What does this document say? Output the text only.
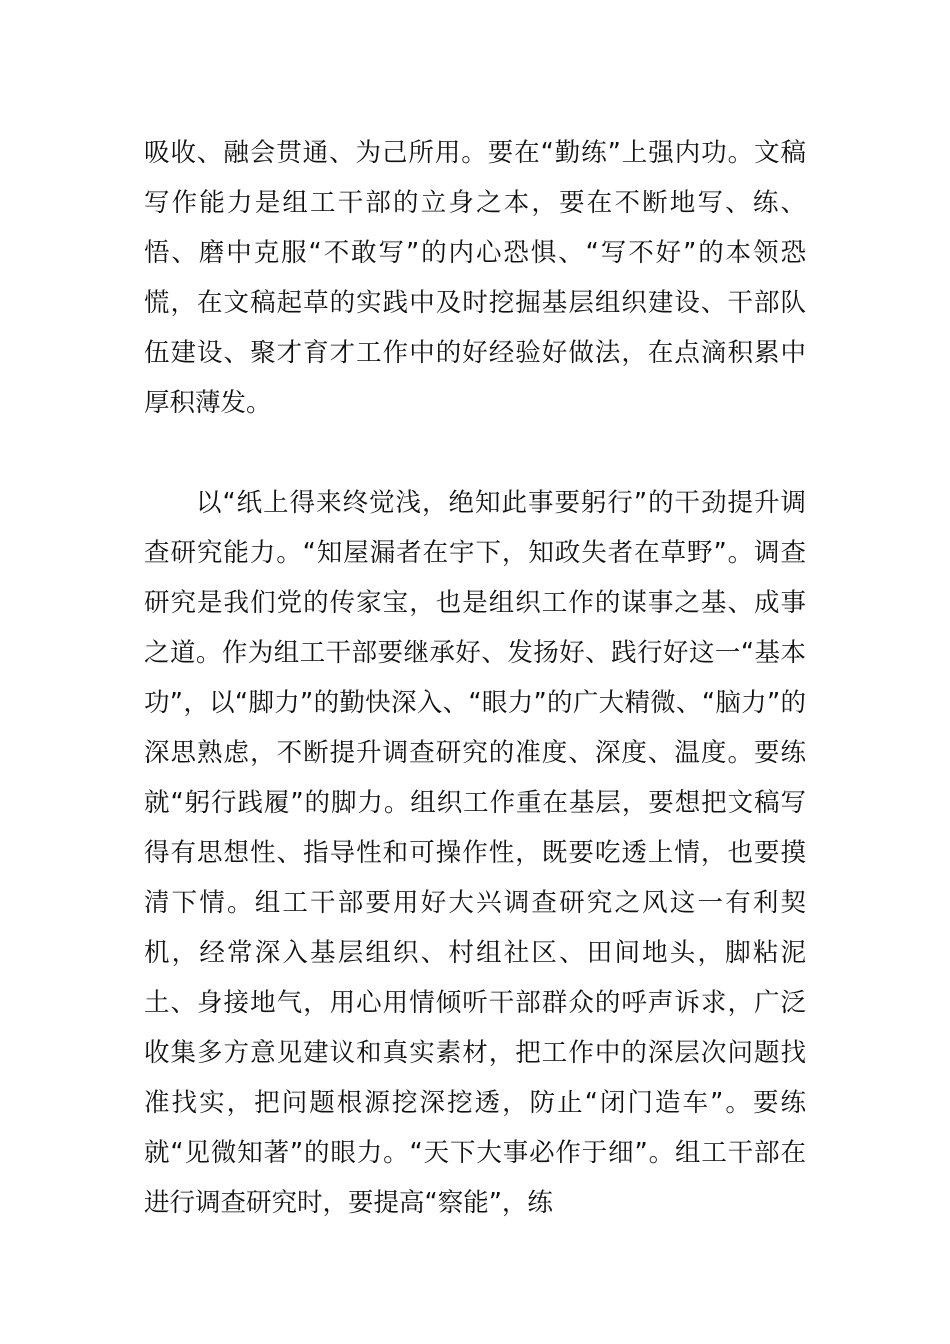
吸收、融会贯通、为己所用。要在“勤练”上强内功。文稿写作能力是组工干部的立身之本，要在不断地写、练、悟、磨中克服“不敢写”的内心恐惧、“写不好”的本领恐慌，在文稿起草的实践中及时挖掘基层组织建设、干部队伍建设、聚才育才工作中的好经验好做法，在点滴积累中厚积薄发。

以“纸上得来终觉浅，绝知此事要躬行”的干劲提升调查研究能力。“知屋漏者在宇下，知政失者在草野”。调查研究是我们党的传家宝，也是组织工作的谋事之基、成事之道。作为组工干部要继承好、发扬好、践行好这一“基本功”，以“脚力”的勤快深入、“眼力”的广大精微、“脑力”的深思熟虑，不断提升调查研究的准度、深度、温度。要练就“躬行践履”的脚力。组织工作重在基层，要想把文稿写得有思想性、指导性和可操作性，既要吃透上情，也要摸清下情。组工干部要用好大兴调查研究之风这一有利契机，经常深入基层组织、村组社区、田间地头，脚粘泥土、身接地气，用心用情倾听干部群众的呼声诉求，广泛收集多方意见建议和真实素材，把工作中的深层次问题找准找实，把问题根源挖深挖透，防止“闭门造车”。要练就“见微知著”的眼力。“天下大事必作于细”。组工干部在进行调查研究时，要提高“察能”，练
